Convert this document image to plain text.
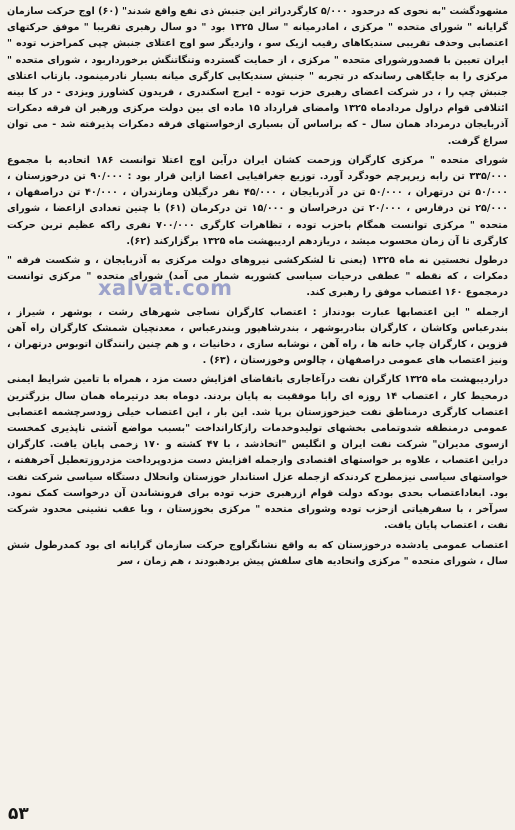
مشهودگشت "به نحوی که درحدود ۵/۰۰۰ کارگردراثر این جنبش ذی نفع واقع شدند" (۶۰) اوج حرکت سازمان گرایانه " شورای متحده " مرکزی ، امادرمیانه " سال ۱۳۲۵ بود " دو سال رهبری تقریبا " موفق حرکتهای اعتصابی وحذف تقریبی سندیکاهای رقیب ازیک سو ، وازدیگر سو اوج اعتلای جنبش چپی کمراحزب توده " ایران تعیین با قصدورشورای متحده " مرکزی ، از حمایت گسترده وتنگاتنگش برخورداربود ، شورای متحده " مرکزی را به جایگاهی رساندکه در تجربه " جنبش سندیکایی کارگری میانه بسیار نادرمینمود. بازتاب اعتلای جنبش چپ را ، در شرکت اعضای رهبری حزب توده - ایرج اسکندری ، فریدون کشاورز ویزدی - در کا بینه ائتلافی قوام دراول مردادماه ۱۳۲۵ وامضای قرارداد ۱۵ ماده ای بین دولت مرکزی ورهبر ان فرقه دمکرات آذربایجان درمرداد همان سال - که براساس آن بسیاری ازخواستهای فرقه دمکرات پذیرفته شد - می توان سراغ گرفت.

شورای متحده " مرکزی کارگران وزحمت کشان ایران درآین اوج اعتلا توانست ۱۸۶ اتحادیه با مجموع ۳۳۵/۰۰۰ تن رابه زیرپرچم خودگرد آورد. توزیع جغرافیایی اعضا ازاین قرار بود : ۹۰/۰۰۰ تن درخوزستان ، ۵۰/۰۰۰ تن درتهران ، ۵۰/۰۰۰ تن در آذربایجان ، ۴۵/۰۰۰ نفر درگیلان ومازندران ، ۴۰/۰۰۰ تن دراصفهان ، ۲۵/۰۰۰ تن درفارس ، ۲۰/۰۰۰ تن درخراسان و ۱۵/۰۰۰ تن درکرمان (۶۱) با چنین تعدادی ازاعضا ، شورای متحده " مرکزی توانست همگام باحزب توده ، تظاهرات کارگری ۷۰۰/۰۰۰ نفری راکه عظیم ترین حرکت کارگری تا آن زمان محسوب میشد ، دریازدهم اردیبهشت ماه ۱۳۲۵ برگزارکند (۶۲).

درطول نخستین نه ماه ۱۳۲۵ (یعنی تا لشکرکشی نیروهای دولت مرکزی به آذربایجان ، و شکست فرقه " دمکرات ، که نقطه " عطفی درحیات سیاسی کشوربه شمار می آمد) شورای متحده " مرکزی توانست درمجموع ۱۶۰ اعتصاب موفق را رهبری کند.

ازجمله " این اعتصابها عبارت بودنداز : اعتصاب کارگران نساجی شهرهای رشت ، بوشهر ، شیراز ، بندرعباس وکاشان ، کارگران بنادربوشهر ، بندرشاهپور وبندرعباس ، معدنچیان شمشک کارگران راه آهن قزوین ، کارگران چاپ خانه ها ، راه آهن ، نوشابه سازی ، دخانیات ، و هم چنین رانندگان اتوبوس درتهران ، ونیز اعتصاب های عمومی دراصفهان ، چالوس وخوزستان ، (۶۳) .

دراردیبهشت ماه ۱۳۲۵ کارگران نفت درآغاجاری باتقاضای افزایش دست مزد ، همراه با تامین شرایط ایمنی درمحیط کار ، اعتصاب ۱۴ روزه ای رابا موفقیت به پایان بردند. دوماه بعد درتیرماه همان سال بزرگترین اعتصاب کارگری درمناطق نفت خیزخوزستان برپا شد. این بار ، این اعتصاب خیلی زودسرچشمه اعتصابی عمومی درمنطقه شدوتمامی بخشهای تولیدوخدمات رازکارانداخت "بسبب مواضع آشتی ناپذیری کمخست ازسوی مدیران" شرکت نفت ایران و انگلیس "اتخاذشد ، با ۴۷ کشته و ۱۷۰ زخمی پایان یافت. کارگران دراین اعتصاب ، علاوه بر خواستهای اقتصادی وازجمله افزایش دست مزدوپرداخت مزدروزتعطیل آخرهفته ، خواستهای سیاسی نیزمطرح کردندکه ازجمله عزل استاندار خوزستان وانحلال دستگاه سیاسی شرکت نفت بود. ابعاداعتصاب بحدی بودکه دولت قوام ازرهبری حزب توده برای فرونشاندن آن درخواست کمک نمود. سرآخر ، با سفرهیاتی ازحزب توده وشورای متحده " مرکزی بخوزستان ، وبا عقب نشینی محدود شرکت نفت ، اعتصاب پایان یافت.

اعتصاب عمومی یادشده درخوزستان که به واقع نشانگراوج حرکت سازمان گرایانه ای بود کمدرطول شش سال ، شورای متحده " مرکزی واتحادیه های سلفش پیش بردهبودند ، هم زمان ، سر

xalvat.com
۵۳
